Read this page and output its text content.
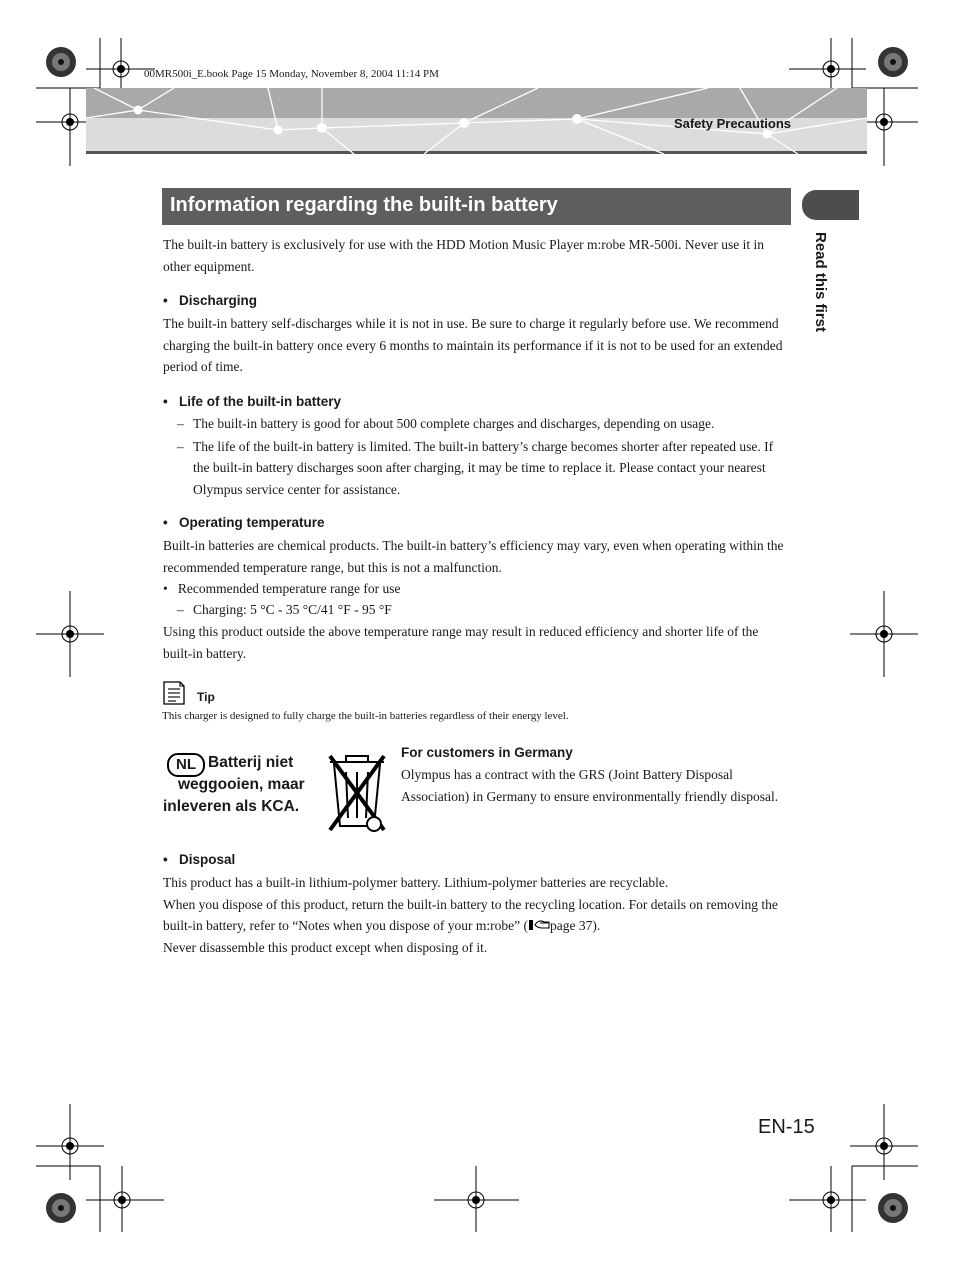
00MR500i_E.book Page 15 Monday, November 8, 2004 11:14 PM
Safety Precautions
Read this first
Information regarding the built-in battery

The built-in battery is exclusively for use with the HDD Motion Music Player m:robe MR-500i. Never use it in other equipment.

•   Discharging

The built-in battery self-discharges while it is not in use. Be sure to charge it regularly before use. We recommend charging the built-in battery once every 6 months to maintain its performance if it is not to be used for an extended period of time.

•   Life of the built-in battery
– The built-in battery is good for about 500 complete charges and discharges, depending on usage.
– The life of the built-in battery is limited. The built-in battery’s charge becomes shorter after repeated use. If the built-in battery discharges soon after charging, it may be time to replace it. Please contact your nearest Olympus service center for assistance.
•   Operating temperature

Built-in batteries are chemical products. The built-in battery’s efficiency may vary, even when operating within the recommended temperature range, but this is not a malfunction.

•   Recommended temperature range for use
– Charging: 5 °C - 35 °C/41 °F - 95 °F

Using this product outside the above temperature range may result in reduced efficiency and shorter life of the built-in battery.

Tip
This charger is designed to fully charge the built-in batteries regardless of their energy level.
NL Batterij niet
weggooien, maar
inleveren als KCA.
For customers in Germany

Olympus has a contract with the GRS (Joint Battery Disposal Association) in Germany to ensure environmentally friendly disposal.

•   Disposal

This product has a built-in lithium-polymer battery. Lithium-polymer batteries are recyclable.

When you dispose of this product, return the built-in battery to the recycling location. For details on removing the built-in battery, refer to “Notes when you dispose of your m:robe” ( page 37).

Never disassemble this product except when disposing of it.

EN-15
